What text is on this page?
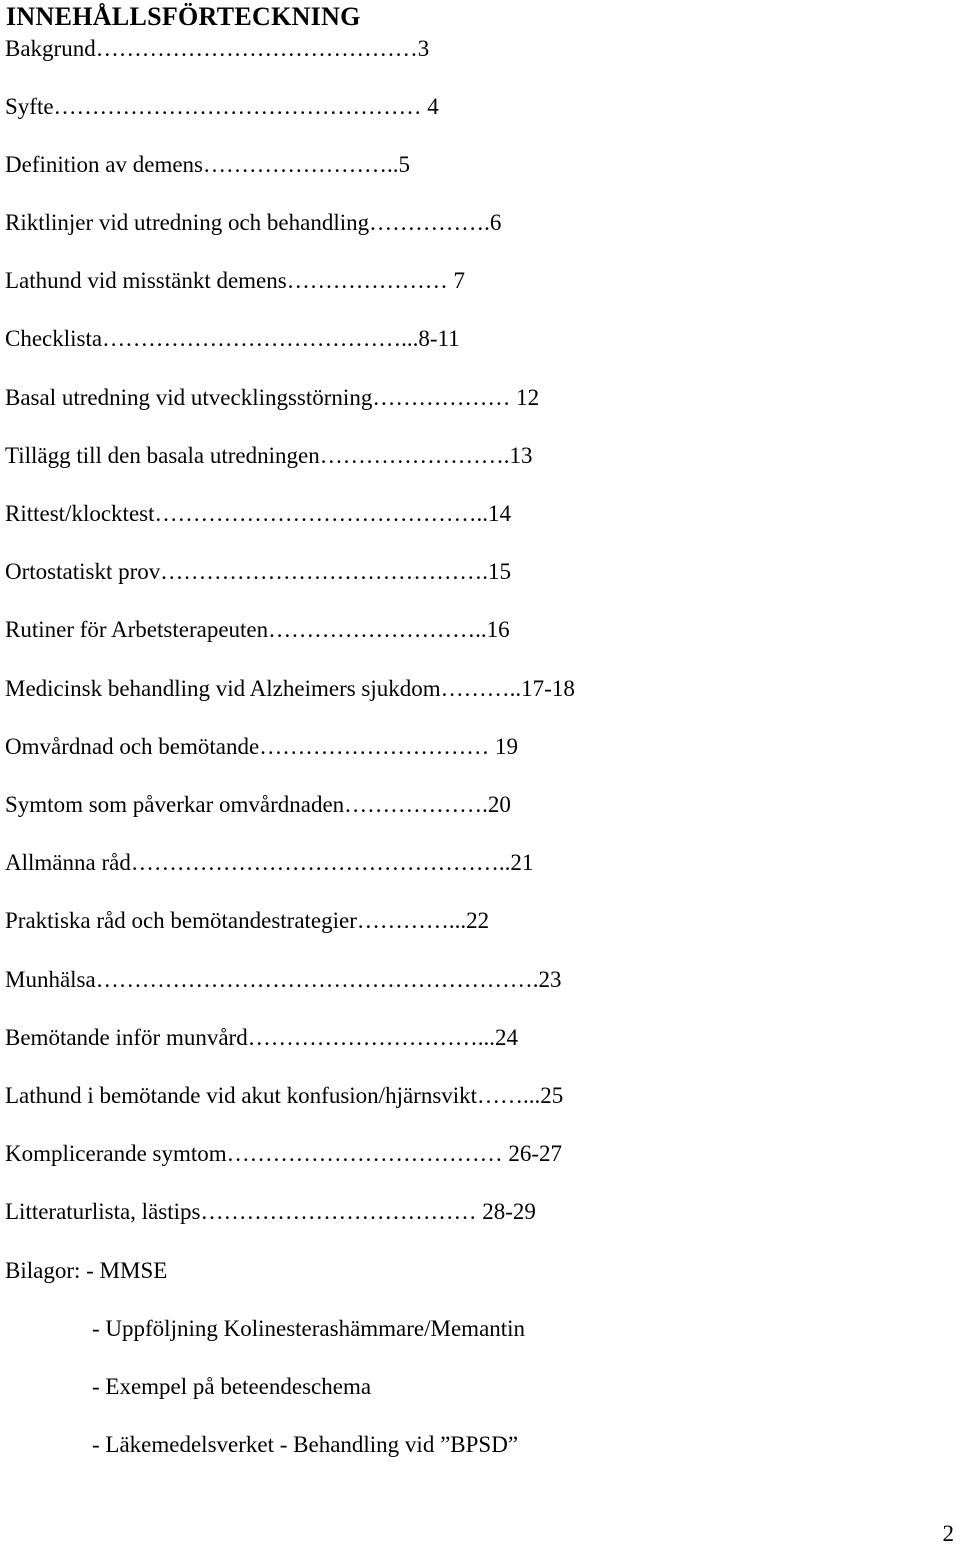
INNEHÅLLSFÖRTECKNING
Bakgrund……………………………………3
Syfte………………………………………… 4
Definition av demens……………………..5
Riktlinjer vid utredning och behandling…………….6
Lathund vid misstänkt demens………………… 7
Checklista…………………………………...8-11
Basal utredning vid utvecklingsstörning……………… 12
Tillägg till den basala utredningen…………………….13
Rittest/klocktest……………………………………..14
Ortostatiskt prov…………………………………….15
Rutiner för Arbetsterapeuten………………………..16
Medicinsk behandling vid Alzheimers sjukdom………..17-18
Omvårdnad och bemötande………………………… 19
Symtom som påverkar omvårdnaden……………….20
Allmänna råd…………………………………………..21
Praktiska råd och bemötandestrategier…………...22
Munhälsa………………………………………………….23
Bemötande inför munvård…………………………...24
Lathund i bemötande vid akut konfusion/hjärnsvikt……...25
Komplicerande symtom……………………………… 26-27
Litteraturlista, lästips……………………………… 28-29
Bilagor: - MMSE
- Uppföljning Kolinesterashämmare/Memantin
- Exempel på beteendeschema
- Läkemedelsverket - Behandling vid ”BPSD”
2
